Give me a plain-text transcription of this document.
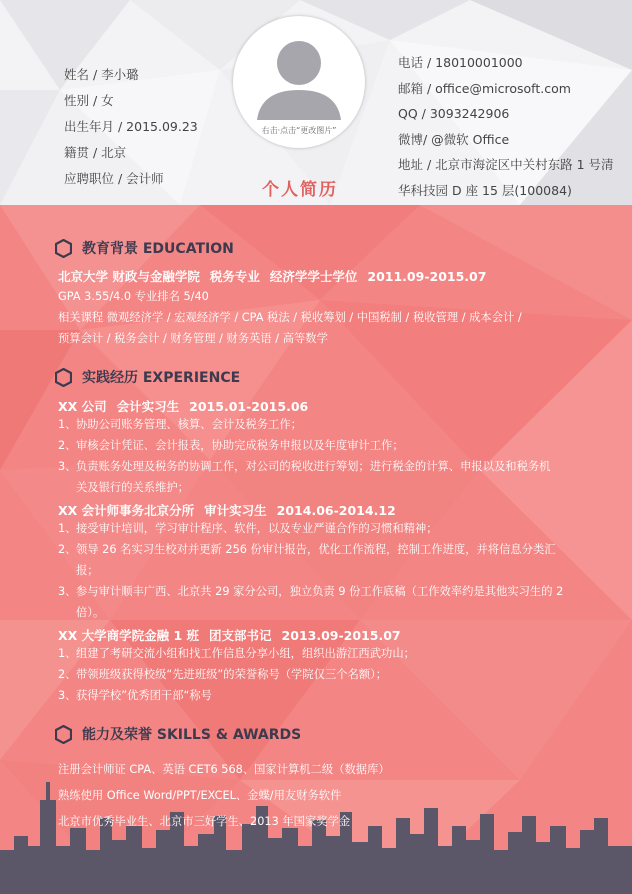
姓名 / 李小璐
性别 / 女
出生年月 / 2015.09.23
籍贯 / 北京
应聘职位 / 会计师
右击·点击“更改图片”
电话 / 18010001000
邮箱 / office@microsoft.com
QQ / 3093242906
微博/ @微软 Office
地址 / 北京市海淀区中关村东路 1 号清
华科技园 D 座 15 层(100084)
个人简历
教育背景 EDUCATION
北京大学 财政与金融学院 税务专业 经济学学士学位 2011.09-2015.07
GPA 3.55/4.0 专业排名 5/40
相关课程 微观经济学 / 宏观经济学 / CPA 税法 / 税收筹划 / 中国税制 / 税收管理 / 成本会计 /
预算会计 / 税务会计 / 财务管理 / 财务英语 / 高等数学
实践经历 EXPERIENCE
XX 公司 会计实习生 2015.01-2015.06
1、 协助公司账务管理、核算、会计及税务工作；
2、 审核会计凭证、会计报表，协助完成税务申报以及年度审计工作；
3、 负责账务处理及税务的协调工作，对公司的税收进行筹划；进行税金的计算、申报以及和税务机
关及银行的关系维护；
XX 会计师事务北京分所 审计实习生 2014.06-2014.12
1、 接受审计培训，学习审计程序、软件，以及专业严谨合作的习惯和精神；
2、 领导 26 名实习生校对并更新 256 份审计报告，优化工作流程，控制工作进度，并将信息分类汇
报；
3、 参与审计顺丰广西、北京共 29 家分公司，独立负责 9 份工作底稿（工作效率约是其他实习生的 2
倍）。
XX 大学商学院金融 1 班 团支部书记 2013.09-2015.07
1、 组建了考研交流小组和找工作信息分享小组，组织出游江西武功山；
2、 带领班级获得校级“先进班级”的荣誉称号（学院仅三个名额）；
3、 获得学校”优秀团干部“称号
能力及荣誉 SKILLS & AWARDS
注册会计师证 CPA、英语 CET6 568、国家计算机二级（数据库）
熟练使用 Office Word/PPT/EXCEL、金蝶/用友财务软件
北京市优秀毕业生、北京市三好学生、2013 年国家奖学金
